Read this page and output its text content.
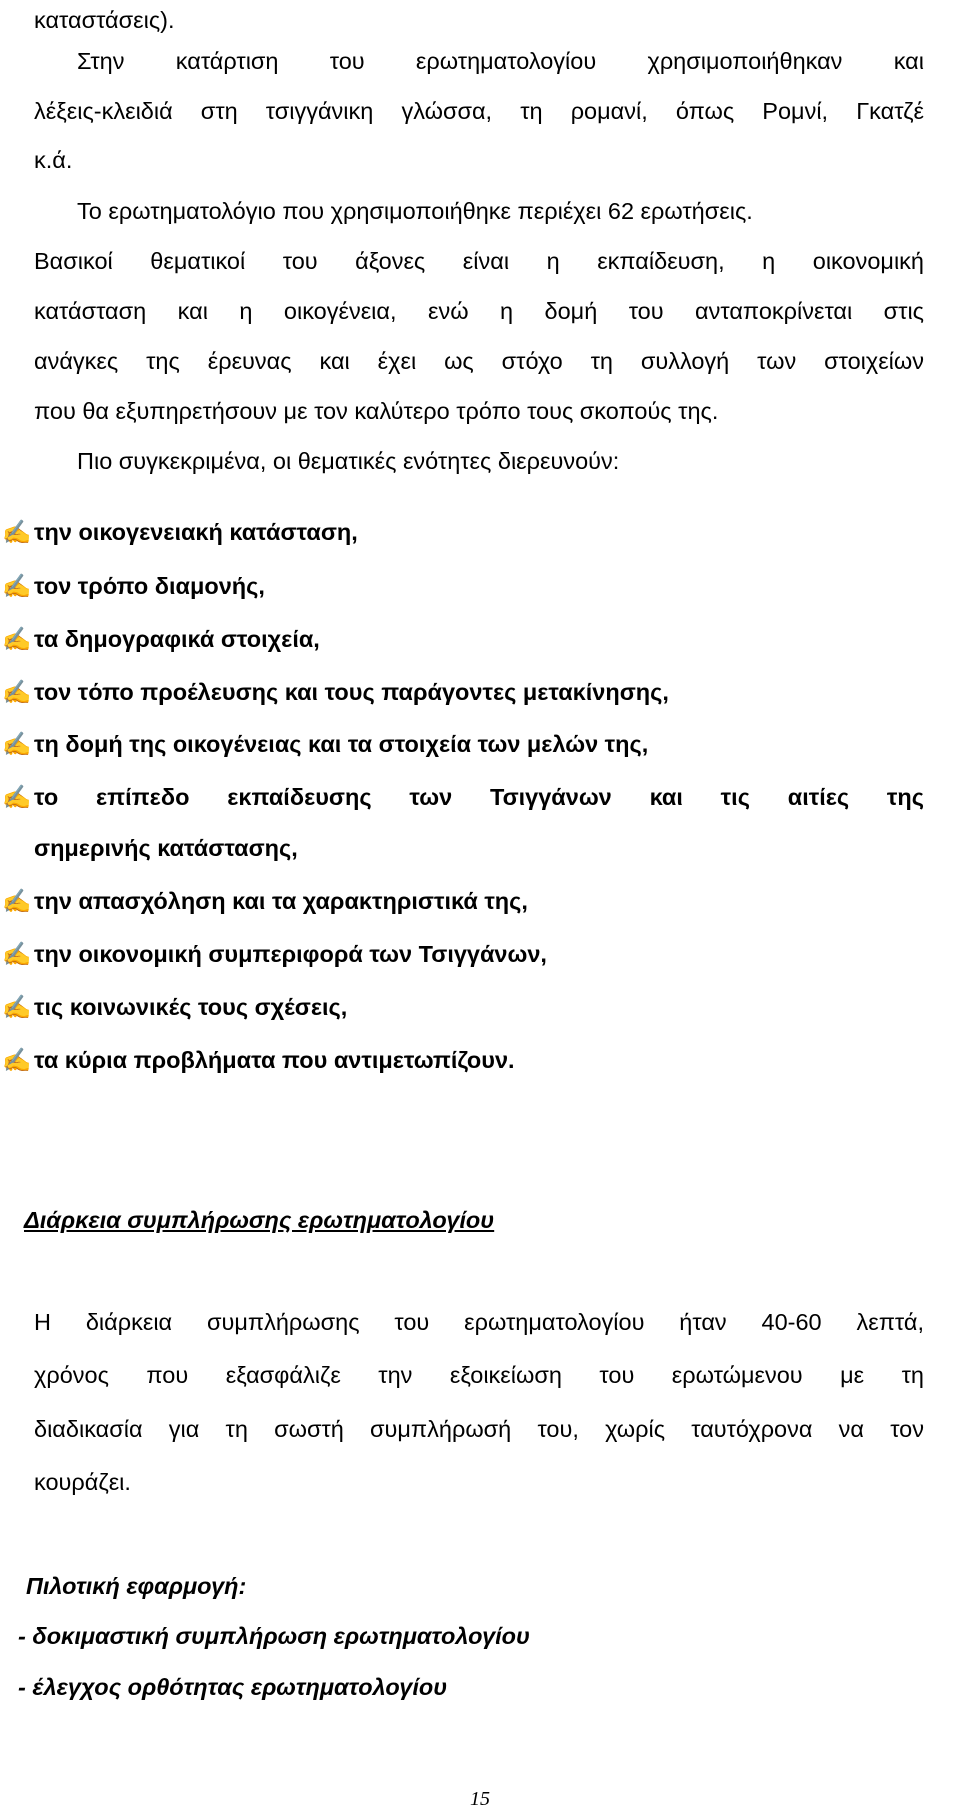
καταστάσεις).
Στην κατάρτιση του ερωτηματολογίου χρησιμοποιήθηκαν και
λέξεις-κλειδιά στη τσιγγάνικη γλώσσα, τη ρομανί, όπως Ρομνί, Γκατζέ
κ.ά.
Το ερωτηματολόγιο που χρησιμοποιήθηκε περιέχει 62 ερωτήσεις.
Βασικοί θεματικοί του άξονες είναι η εκπαίδευση, η οικονομική
κατάσταση και η οικογένεια, ενώ η δομή του ανταποκρίνεται στις
ανάγκες της έρευνας και έχει ως στόχο τη συλλογή των στοιχείων
που θα εξυπηρετήσουν με τον καλύτερο τρόπο τους σκοπούς της.
Πιο συγκεκριμένα, οι θεματικές ενότητες διερευνούν:
✍ την οικογενειακή κατάσταση,
✍ τον τρόπο διαμονής,
✍ τα δημογραφικά στοιχεία,
✍ τον τόπο προέλευσης και τους παράγοντες μετακίνησης,
✍ τη δομή της οικογένειας και τα στοιχεία των μελών της,
✍ το επίπεδο εκπαίδευσης των Τσιγγάνων και τις αιτίες της
σημερινής κατάστασης,
✍ την απασχόληση και τα χαρακτηριστικά της,
✍ την οικονομική συμπεριφορά των Τσιγγάνων,
✍ τις κοινωνικές τους σχέσεις,
✍ τα κύρια προβλήματα που αντιμετωπίζουν.
Διάρκεια συμπλήρωσης ερωτηματολογίου
Η διάρκεια συμπλήρωσης του ερωτηματολογίου ήταν 40-60 λεπτά,
χρόνος που εξασφάλιζε την εξοικείωση του ερωτώμενου με τη
διαδικασία για τη σωστή συμπλήρωσή του, χωρίς ταυτόχρονα να τον
κουράζει.
Πιλοτική εφαρμογή:
- δοκιμαστική συμπλήρωση ερωτηματολογίου
- έλεγχος ορθότητας ερωτηματολογίου
15
